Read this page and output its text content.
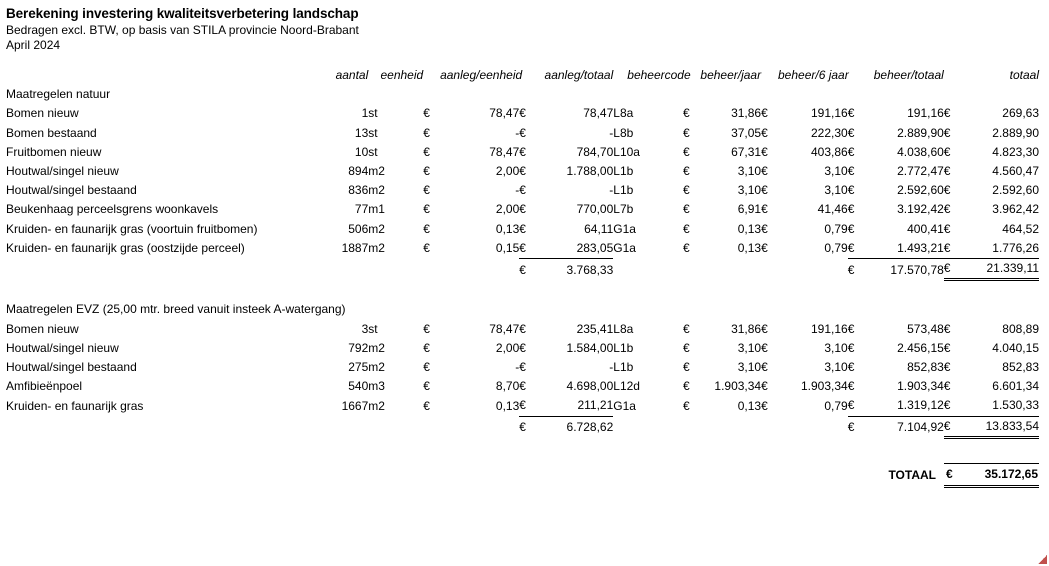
Berekening investering kwaliteitsverbetering landschap
Bedragen excl. BTW, op basis van STILA provincie Noord-Brabant
April 2024
	aantal	eenheid		aanleg/eenheid		aanleg/totaal	beheercode		beheer/jaar		beheer/6 jaar		beheer/totaal		totaal
Maatregelen natuur															
Bomen nieuw	1	st	€	78,47	€	78,47	L8a	€	31,86	€	191,16	€	191,16	€	269,63
Bomen bestaand	13	st	€	-	€	-	L8b	€	37,05	€	222,30	€	2.889,90	€	2.889,90
Fruitbomen nieuw	10	st	€	78,47	€	784,70	L10a	€	67,31	€	403,86	€	4.038,60	€	4.823,30
Houtwal/singel nieuw	894	m2	€	2,00	€	1.788,00	L1b	€	3,10	€	3,10	€	2.772,47	€	4.560,47
Houtwal/singel bestaand	836	m2	€	-	€	-	L1b	€	3,10	€	3,10	€	2.592,60	€	2.592,60
Beukenhaag perceelsgrens woonkavels	77	m1	€	2,00	€	770,00	L7b	€	6,91	€	41,46	€	3.192,42	€	3.962,42
Kruiden- en faunarijk gras (voortuin fruitbomen)	506	m2	€	0,13	€	64,11	G1a	€	0,13	€	0,79	€	400,41	€	464,52
Kruiden- en faunarijk gras (oostzijde perceel)	1887	m2	€	0,15	€	283,05	G1a	€	0,13	€	0,79	€	1.493,21	€	1.776,26
					€	3.768,33						€	17.570,78	€	21.339,11

Maatregelen EVZ (25,00 mtr. breed vanuit insteek A-watergang)															
Bomen nieuw	3	st	€	78,47	€	235,41	L8a	€	31,86	€	191,16	€	573,48	€	808,89
Houtwal/singel nieuw	792	m2	€	2,00	€	1.584,00	L1b	€	3,10	€	3,10	€	2.456,15	€	4.040,15
Houtwal/singel bestaand	275	m2	€	-	€	-	L1b	€	3,10	€	3,10	€	852,83	€	852,83
Amfibieënpoel	540	m3	€	8,70	€	4.698,00	L12d	€	1.903,34	€	1.903,34	€	1.903,34	€	6.601,34
Kruiden- en faunarijk gras	1667	m2	€	0,13	€	211,21	G1a	€	0,13	€	0,79	€	1.319,12	€	1.530,33
					€	6.728,62						€	7.104,92	€	13.833,54
TOTAAL	€	35.172,65
